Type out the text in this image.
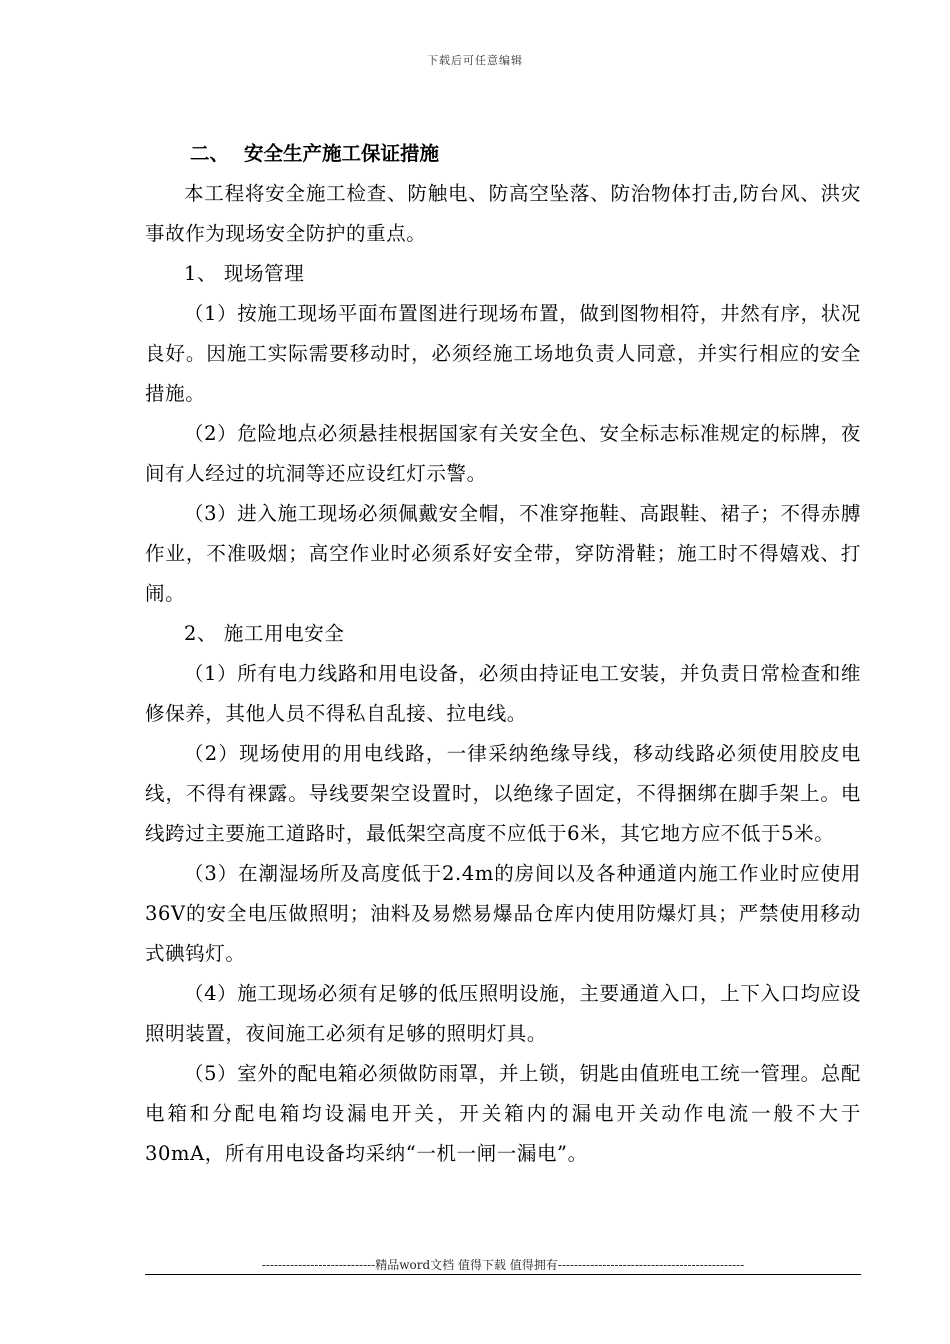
下载后可任意编辑
二、 安全生产施工保证措施

本工程将安全施工检查、防触电、防高空坠落、防治物体打击,防台风、洪灾事故作为现场安全防护的重点。

1、 现场管理

（1）按施工现场平面布置图进行现场布置，做到图物相符，井然有序，状况良好。因施工实际需要移动时，必须经施工场地负责人同意，并实行相应的安全措施。

（2）危险地点必须悬挂根据国家有关安全色、安全标志标准规定的标牌，夜间有人经过的坑洞等还应设红灯示警。

（3）进入施工现场必须佩戴安全帽，不准穿拖鞋、高跟鞋、裙子；不得赤膊作业，不准吸烟；高空作业时必须系好安全带，穿防滑鞋；施工时不得嬉戏、打闹。

2、 施工用电安全

（1）所有电力线路和用电设备，必须由持证电工安装，并负责日常检查和维修保养，其他人员不得私自乱接、拉电线。

（2）现场使用的用电线路，一律采纳绝缘导线，移动线路必须使用胶皮电线，不得有裸露。导线要架空设置时，以绝缘子固定，不得捆绑在脚手架上。电线跨过主要施工道路时，最低架空高度不应低于6米，其它地方应不低于5米。

（3）在潮湿场所及高度低于2.4m的房间以及各种通道内施工作业时应使用36V的安全电压做照明；油料及易燃易爆品仓库内使用防爆灯具；严禁使用移动式碘钨灯。

（4）施工现场必须有足够的低压照明设施，主要通道入口，上下入口均应设照明装置，夜间施工必须有足够的照明灯具。

（5）室外的配电箱必须做防雨罩，并上锁，钥匙由值班电工统一管理。总配电箱和分配电箱均设漏电开关，开关箱内的漏电开关动作电流一般不大于30mA，所有用电设备均采纳“一机一闸一漏电”。

----------------------------精品word文档 值得下载 值得拥有----------------------------------------------
